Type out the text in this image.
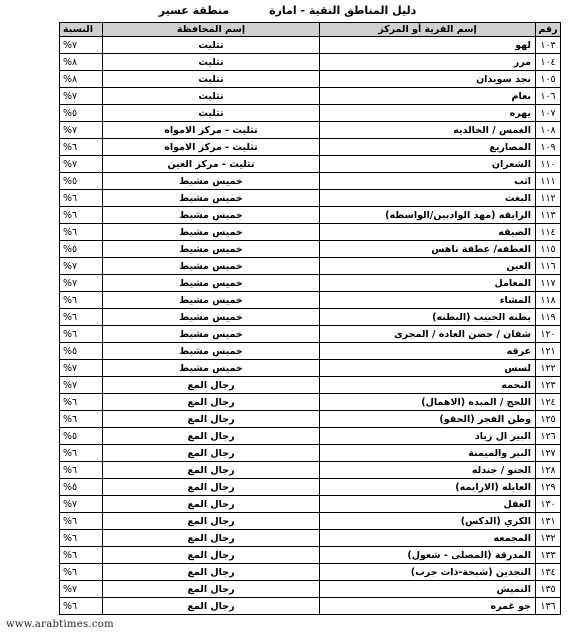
دليل المناطق النقية - امارة منطقة عسير
رقم	إسم القرية أو المركز	إسم المحافظة	النسبة
١٠٣	لهو	تثليث	%٧
١٠٤	مرر	تثليث	%٨
١٠٥	نجد سويدان	تثليث	%٨
١٠٦	نعام	تثليث	%٧
١٠٧	يهره	تثليث	%٥
١٠٨	الغمس / الخالديه	تثليث - مركز الامواه	%٧
١٠٩	المصاريع	تثليث - مركز الامواه	%٦
١١٠	الشعران	تثليث - مركز العين	%٧
١١١	اثب	خميس مشيط	%٥
١١٢	البغث	خميس مشيط	%٦
١١٣	الرايقه (مهد الوادبين/الواسطه)	خميس مشيط	%٦
١١٤	الضيقه	خميس مشيط	%٦
١١٥	العطفه/ عطفة ناهس	خميس مشيط	%٥
١١٦	العين	خميس مشيط	%٧
١١٧	المعامل	خميس مشيط	%٧
١١٨	المشاء	خميس مشيط	%٦
١١٩	بطنه الحبيب (البطنه)	خميس مشيط	%٦
١٢٠	شفان / حضن العاده / المجرى	خميس مشيط	%٦
١٢١	عرقه	خميس مشيط	%٥
١٢٢	لسس	خميس مشيط	%٧
١٢٣	النحمه	رجال المع	%٧
١٢٤	اللحج / المبده (الاهمال)	رجال المع	%٦
١٢٥	وطن الفجر (الحقو)	رجال المع	%٦
١٢٦	البير ال زياد	رجال المع	%٥
١٢٧	البير والميمنة	رجال المع	%٦
١٢٨	الحنو / جندله	رجال المع	%٦
١٢٩	العابله (الارايمه)	رجال المع	%٥
١٣٠	العقل	رجال المع	%٧
١٣١	الكري (الدكس)	رجال المع	%٦
١٣٢	المجمعه	رجال المع	%٦
١٣٣	المدرقة (المصلى - شعول)	رجال المع	%٦
١٣٤	النجدين (شبحة-ذات جرب)	رجال المع	%٦
١٣٥	النميش	رجال المع	%٧
١٣٦	جو غمره	رجال المع	%٦
www.arabtimes.com
